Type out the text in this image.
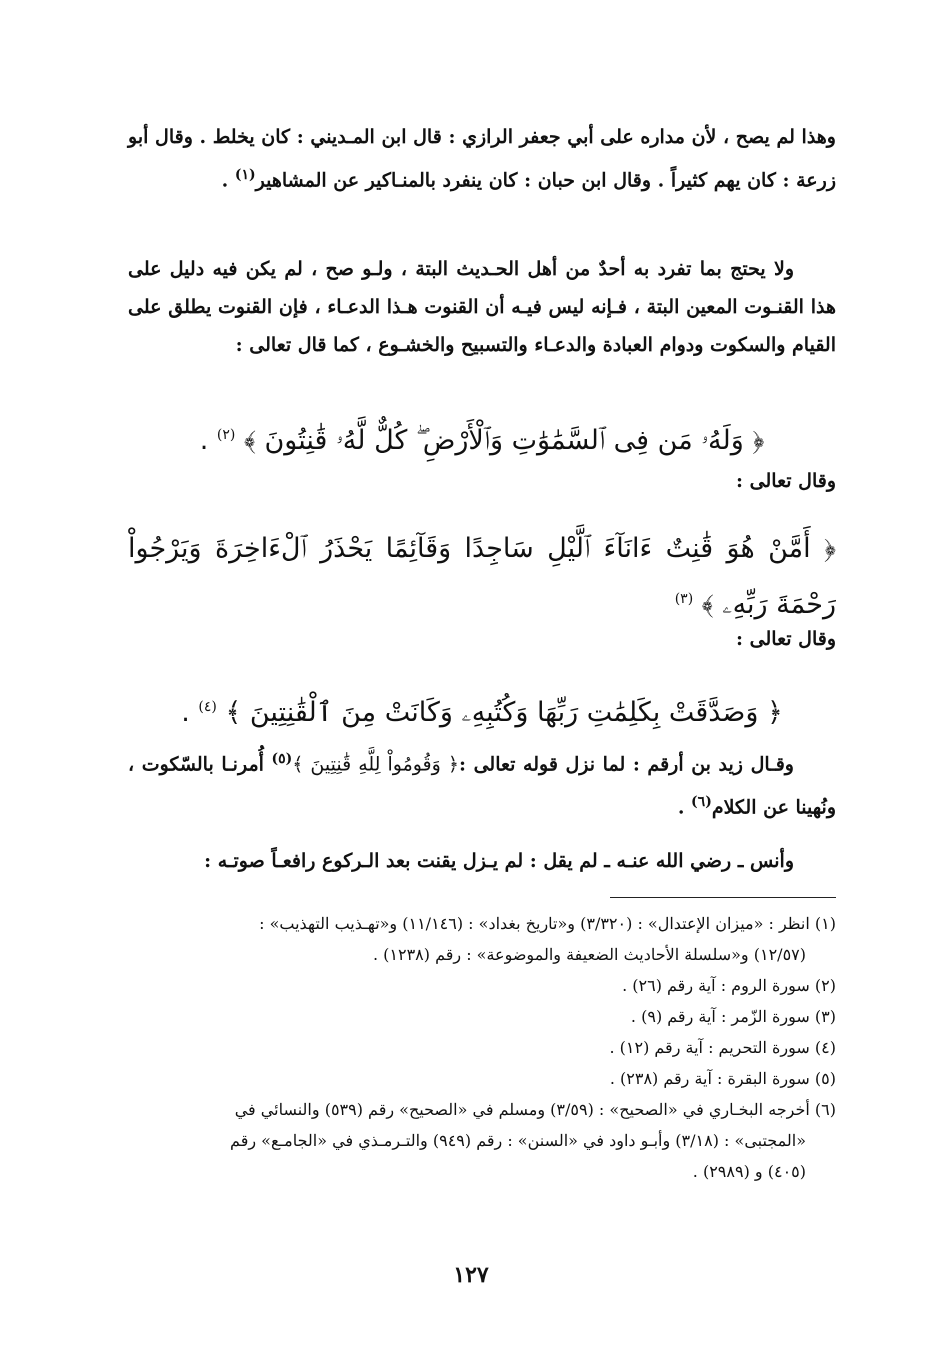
وهذا لم يصح ، لأن مداره على أبي جعفر الرازي : قال ابن المـديني : كان يخلط . وقال أبو زرعة : كان يهم كثيراً . وقال ابن حبان : كان ينفرد بالمنـاكير عن المشاهير$^{(١)}$ .
ولا يحتج بما تفرد به أحدٌ من أهل الحـديث البتة ، ولـو صح ، لم يكن فيه دليل على هذا القنـوت المعين البتة ، فـإنه ليس فيـه أن القنوت هـذا الدعـاء ، فإن القنوت يطلق على القيام والسكوت ودوام العبادة والدعـاء والتسبيح والخشـوع ، كما قال تعالى :
﴿ وَلَهُۥ مَن فِى ٱلسَّمَٰوَٰتِ وَٱلْأَرْضِ ۖ كُلٌّ لَّهُۥ قَٰنِتُونَ ﴾ $^{(٢)}$ .
وقال تعالى :
﴿ أَمَّنْ هُوَ قَٰنِتٌ ءَانَآءَ ٱلَّيْلِ سَاجِدًا وَقَآئِمًا يَحْذَرُ ٱلْءَاخِرَةَ وَيَرْجُواْ رَحْمَةَ رَبِّهِۦ ﴾ $^{(٣)}$
وقال تعالى :
﴿ وَصَدَّقَتْ بِكَلِمَٰتِ رَبِّهَا وَكُتُبِهِۦ وَكَانَتْ مِنَ ٱلْقَٰنِتِينَ ﴾ $^{(٤)}$ .
وقـال زيد بن أرقم : لما نزل قوله تعالى :﴿ وَقُومُواْ لِلَّهِ قَٰنِتِينَ ﴾$^{(٥)}$ أُمرنـا بالسّكوت ، ونُهينا عن الكلام$^{(٦)}$ .
وأنس ـ رضي الله عنـه ـ لم يقل : لم يـزل يقنت بعد الـركوع رافعـاً صوتـه :

(١) انظر : «ميزان الإعتدال» : (٣/٣٢٠) و«تاريخ بغداد» : (١١/١٤٦) و«تهـذيب التهذيب» :

(١٢/٥٧) و«سلسلة الأحاديث الضعيفة والموضوعة» : رقم (١٢٣٨) .

(٢) سورة الروم : آية رقم (٢٦) .

(٣) سورة الزّمر : آية رقم (٩) .

(٤) سورة التحريم : آية رقم (١٢) .

(٥) سورة البقرة : آية رقم (٢٣٨) .

(٦) أخرجه البخـاري في «الصحيح» : (٣/٥٩) ومسلم في «الصحيح» رقم (٥٣٩) والنسائي في

«المجتبى» : (٣/١٨) وأبـو داود في «السنن» : رقم (٩٤٩) والتـرمـذي في «الجامـع» رقم

(٤٠٥) و (٢٩٨٩) .

١٢٧
